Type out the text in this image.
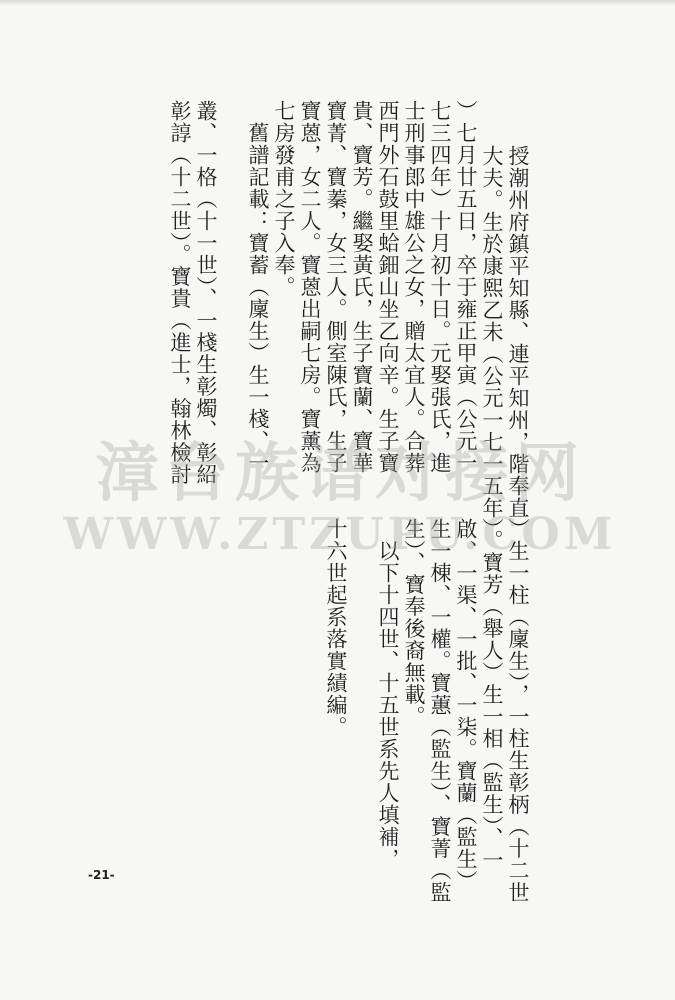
授潮州府鎮平知縣、連平知州，階奉直
大夫。生於康熙乙未（公元一七一五年
）七月廿五日，卒于雍正甲寅（公元一
七三四年）十月初十日。元娶張氏，進
士刑事郎中雄公之女，贈太宜人。合葬
西門外石鼓里蛤鈿山坐乙向辛。生子寶
貴、寶芳。繼娶黃氏，生子寶蘭、寶華
寶菁、寶蓁，女三人。側室陳氏，生子
寶蒽，女二人。寶蒽出嗣七房。寶薰為
七房發甫之子入奉。
　舊譜記載：寶蓄（廩生）生一棧、一
叢、一格（十一世）、一棧生彰燭、彰紹
彰諄（十二世）。寶貴（進士，翰林檢討
）生一柱（廩生），一柱生彰柄（十二世
）。寶芳（舉人）生一相（監生）、一
啟、一渠、一批、一柒。寶蘭（監生）
生一棟、一權。寶蕙（監生）、寶菁（監
生）、寶奉後裔無載。
　以下十四世、十五世系先人填補，
十六世起系落實績編。
漳台族谱对接网
WWW.ZTZUPU.COM
-21-
